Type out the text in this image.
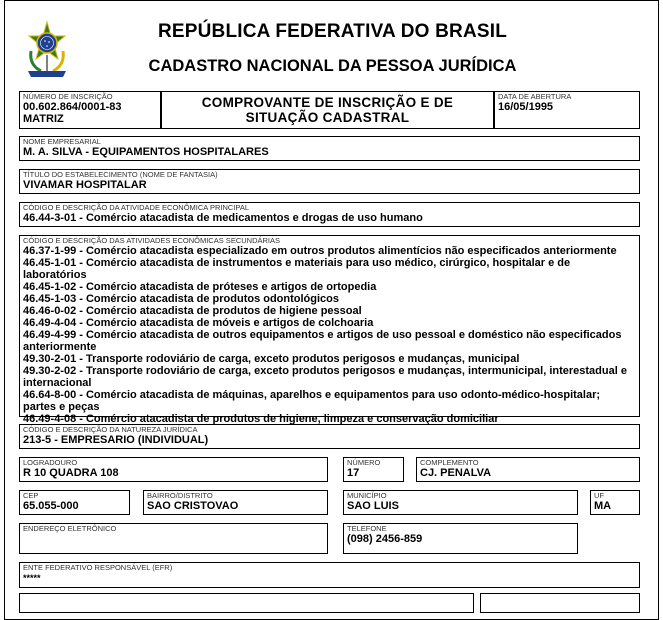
REPÚBLICA FEDERATIVA DO BRASIL
CADASTRO NACIONAL DA PESSOA JURÍDICA
NÚMERO DE INSCRIÇÃO
00.602.864/0001-83
MATRIZ
COMPROVANTE DE INSCRIÇÃO E DE
SITUAÇÃO CADASTRAL
DATA DE ABERTURA
16/05/1995
NOME EMPRESARIAL
M. A. SILVA - EQUIPAMENTOS HOSPITALARES
TÍTULO DO ESTABELECIMENTO (NOME DE FANTASIA)
VIVAMAR HOSPITALAR
CÓDIGO E DESCRIÇÃO DA ATIVIDADE ECONÔMICA PRINCIPAL
46.44-3-01 - Comércio atacadista de medicamentos e drogas de uso humano
CÓDIGO E DESCRIÇÃO DAS ATIVIDADES ECONÔMICAS SECUNDÁRIAS
46.37-1-99 - Comércio atacadista especializado em outros produtos alimentícios não especificados anteriormente
46.45-1-01 - Comércio atacadista de instrumentos e materiais para uso médico, cirúrgico, hospitalar e de laboratórios
46.45-1-02 - Comércio atacadista de próteses e artigos de ortopedia
46.45-1-03 - Comércio atacadista de produtos odontológicos
46.46-0-02 - Comércio atacadista de produtos de higiene pessoal
46.49-4-04 - Comércio atacadista de móveis e artigos de colchoaria
46.49-4-99 - Comércio atacadista de outros equipamentos e artigos de uso pessoal e doméstico não especificados anteriormente
49.30-2-01 - Transporte rodoviário de carga, exceto produtos perigosos e mudanças, municipal
49.30-2-02 - Transporte rodoviário de carga, exceto produtos perigosos e mudanças, intermunicipal, interestadual e internacional
46.64-8-00 - Comércio atacadista de máquinas, aparelhos e equipamentos para uso odonto-médico-hospitalar; partes e peças
46.49-4-08 - Comércio atacadista de produtos de higiene, limpeza e conservação domiciliar
CÓDIGO E DESCRIÇÃO DA NATUREZA JURÍDICA
213-5 - EMPRESARIO (INDIVIDUAL)
LOGRADOURO
R 10 QUADRA 108
NÚMERO
17
COMPLEMENTO
CJ. PENALVA
CEP
65.055-000
BAIRRO/DISTRITO
SAO CRISTOVAO
MUNICÍPIO
SAO LUIS
UF
MA
ENDEREÇO ELETRÔNICO	TELEFONE
(098) 2456-859
ENTE FEDERATIVO RESPONSÁVEL (EFR)
*****
